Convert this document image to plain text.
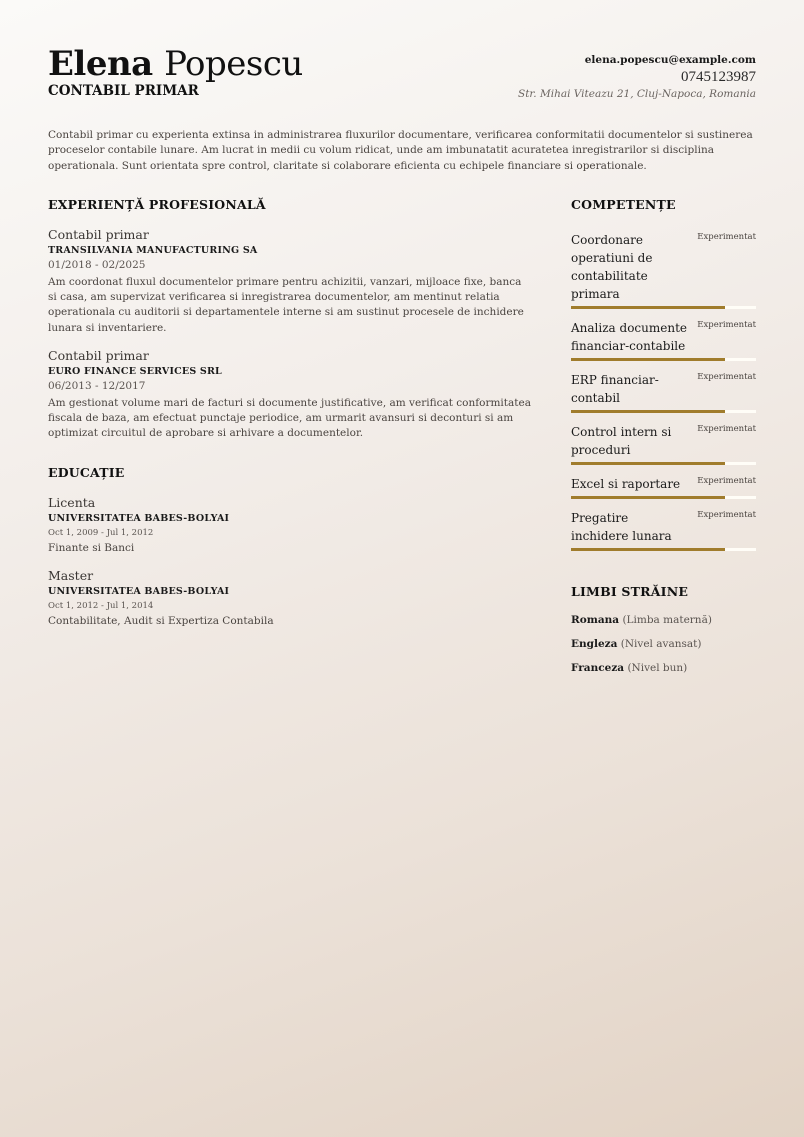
Elena Popescu
CONTABIL PRIMAR
elena.popescu@example.com
0745123987
Str. Mihai Viteazu 21, Cluj-Napoca, Romania
Contabil primar cu experienta extinsa in administrarea fluxurilor documentare, verificarea conformitatii documentelor si sustinerea proceselor contabile lunare. Am lucrat in medii cu volum ridicat, unde am imbunatatit acuratetea inregistrarilor si disciplina operationala. Sunt orientata spre control, claritate si colaborare eficienta cu echipele financiare si operationale.
EXPERIENȚĂ PROFESIONALĂ
Contabil primar
TRANSILVANIA MANUFACTURING SA
01/2018 - 02/2025
Am coordonat fluxul documentelor primare pentru achizitii, vanzari, mijloace fixe, banca si casa, am supervizat verificarea si inregistrarea documentelor, am mentinut relatia operationala cu auditorii si departamentele interne si am sustinut procesele de inchidere lunara si inventariere.
Contabil primar
EURO FINANCE SERVICES SRL
06/2013 - 12/2017
Am gestionat volume mari de facturi si documente justificative, am verificat conformitatea fiscala de baza, am efectuat punctaje periodice, am urmarit avansuri si deconturi si am optimizat circuitul de aprobare si arhivare a documentelor.
EDUCAȚIE
Licenta
UNIVERSITATEA BABES-BOLYAI
Oct 1, 2009 - Jul 1, 2012
Finante si Banci
Master
UNIVERSITATEA BABES-BOLYAI
Oct 1, 2012 - Jul 1, 2014
Contabilitate, Audit si Expertiza Contabila
COMPETENȚE
Coordonare operatiuni de contabilitate primara
Experimentat
Analiza documente financiar-contabile
Experimentat
ERP financiar-contabil
Experimentat
Control intern si proceduri
Experimentat
Excel si raportare	Experimentat
Pregatire inchidere lunara
Experimentat
LIMBI STRĂINE
Romana (Limba maternă)
Engleza (Nivel avansat)
Franceza (Nivel bun)
